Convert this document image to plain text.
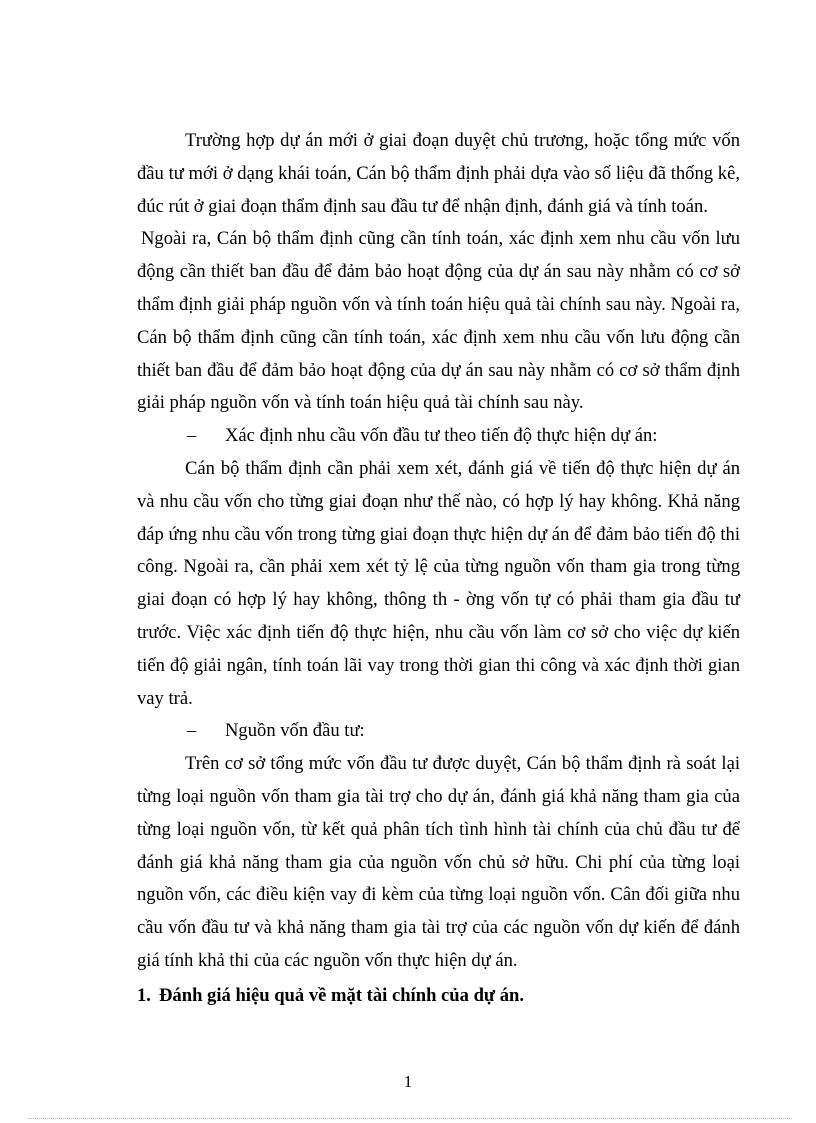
Trường hợp dự án mới ở giai đoạn duyệt chủ trương, hoặc tổng mức vốn đầu tư mới ở dạng khái toán, Cán bộ thẩm định phải dựa vào số liệu đã thống kê, đúc rút ở giai đoạn thẩm định sau đầu tư để nhận định, đánh giá và tính toán.

Ngoài ra, Cán bộ thẩm định cũng cần tính toán, xác định xem nhu cầu vốn lưu động cần thiết ban đầu để đảm bảo hoạt động của dự án sau này nhằm có cơ sở thẩm định giải pháp nguồn vốn và tính toán hiệu quả tài chính sau này. Ngoài ra, Cán bộ thẩm định cũng cần tính toán, xác định xem nhu cầu vốn lưu động cần thiết ban đầu để đảm bảo hoạt động của dự án sau này nhằm có cơ sở thẩm định giải pháp nguồn vốn và tính toán hiệu quả tài chính sau này.

– Xác định nhu cầu vốn đầu tư theo tiến độ thực hiện dự án:

Cán bộ thẩm định cần phải xem xét, đánh giá về tiến độ thực hiện dự án và nhu cầu vốn cho từng giai đoạn như thế nào, có hợp lý hay không. Khả năng đáp ứng nhu cầu vốn trong từng giai đoạn thực hiện dự án để đảm bảo tiến độ thi công. Ngoài ra, cần phải xem xét tỷ lệ của từng nguồn vốn tham gia trong từng giai đoạn có hợp lý hay không, thông th - ờng vốn tự có phải tham gia đầu tư trước. Việc xác định tiến độ thực hiện, nhu cầu vốn làm cơ sở cho việc dự kiến tiến độ giải ngân, tính toán lãi vay trong thời gian thi công và xác định thời gian vay trả.

– Nguồn vốn đầu tư:

Trên cơ sở tổng mức vốn đầu tư được duyệt, Cán bộ thẩm định rà soát lại từng loại nguồn vốn tham gia tài trợ cho dự án, đánh giá khả năng tham gia của từng loại nguồn vốn, từ kết quả phân tích tình hình tài chính của chủ đầu tư để đánh giá khả năng tham gia của nguồn vốn chủ sở hữu. Chi phí của từng loại nguồn vốn, các điều kiện vay đi kèm của từng loại nguồn vốn. Cân đối giữa nhu cầu vốn đầu tư và khả năng tham gia tài trợ của các nguồn vốn dự kiến để đánh giá tính khả thi của các nguồn vốn thực hiện dự án.

1. Đánh giá hiệu quả về mặt tài chính của dự án.

1
